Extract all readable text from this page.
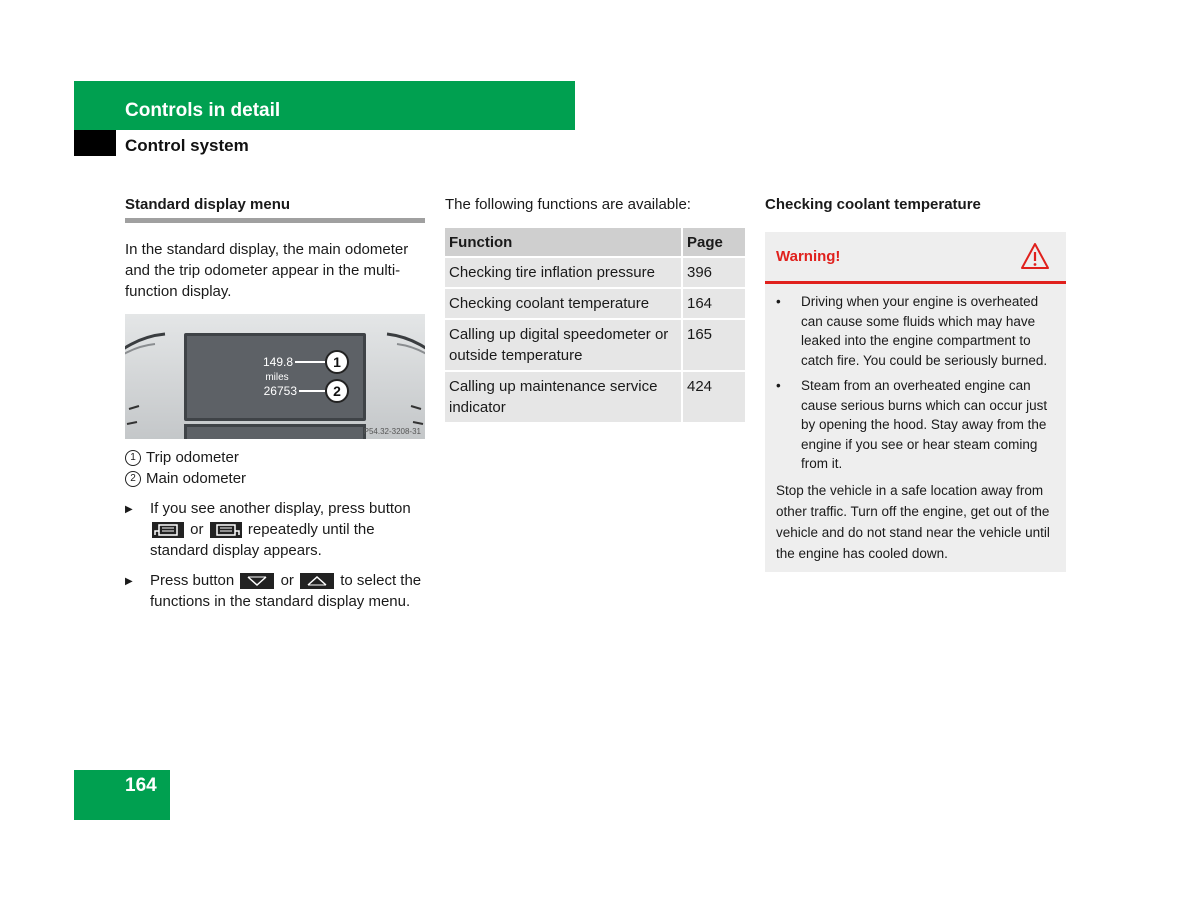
Controls in detail
Control system
Standard display menu
In the standard display, the main odometer and the trip odometer appear in the multi-function display.
149.8
miles
26753
1
2
P54.32-3208-31
1 Trip odometer
2 Main odometer
▶	If you see another display, press button
or	repeatedly until the standard display appears.
▶	Press button	or	to select the functions in the standard display menu.
The following functions are available:
Function	Page
Checking tire inflation pressure	396
Checking coolant temperature	164
Calling up digital speedometer or outside temperature	165
Calling up maintenance service indicator	424
Checking coolant temperature
Warning!
•	Driving when your engine is overheated can cause some fluids which may have leaked into the engine compartment to catch fire. You could be seriously burned.
•	Steam from an overheated engine can cause serious burns which can occur just by opening the hood. Stay away from the engine if you see or hear steam coming from it.
Stop the vehicle in a safe location away from other traffic. Turn off the engine, get out of the vehicle and do not stand near the vehicle until the engine has cooled down.
164
